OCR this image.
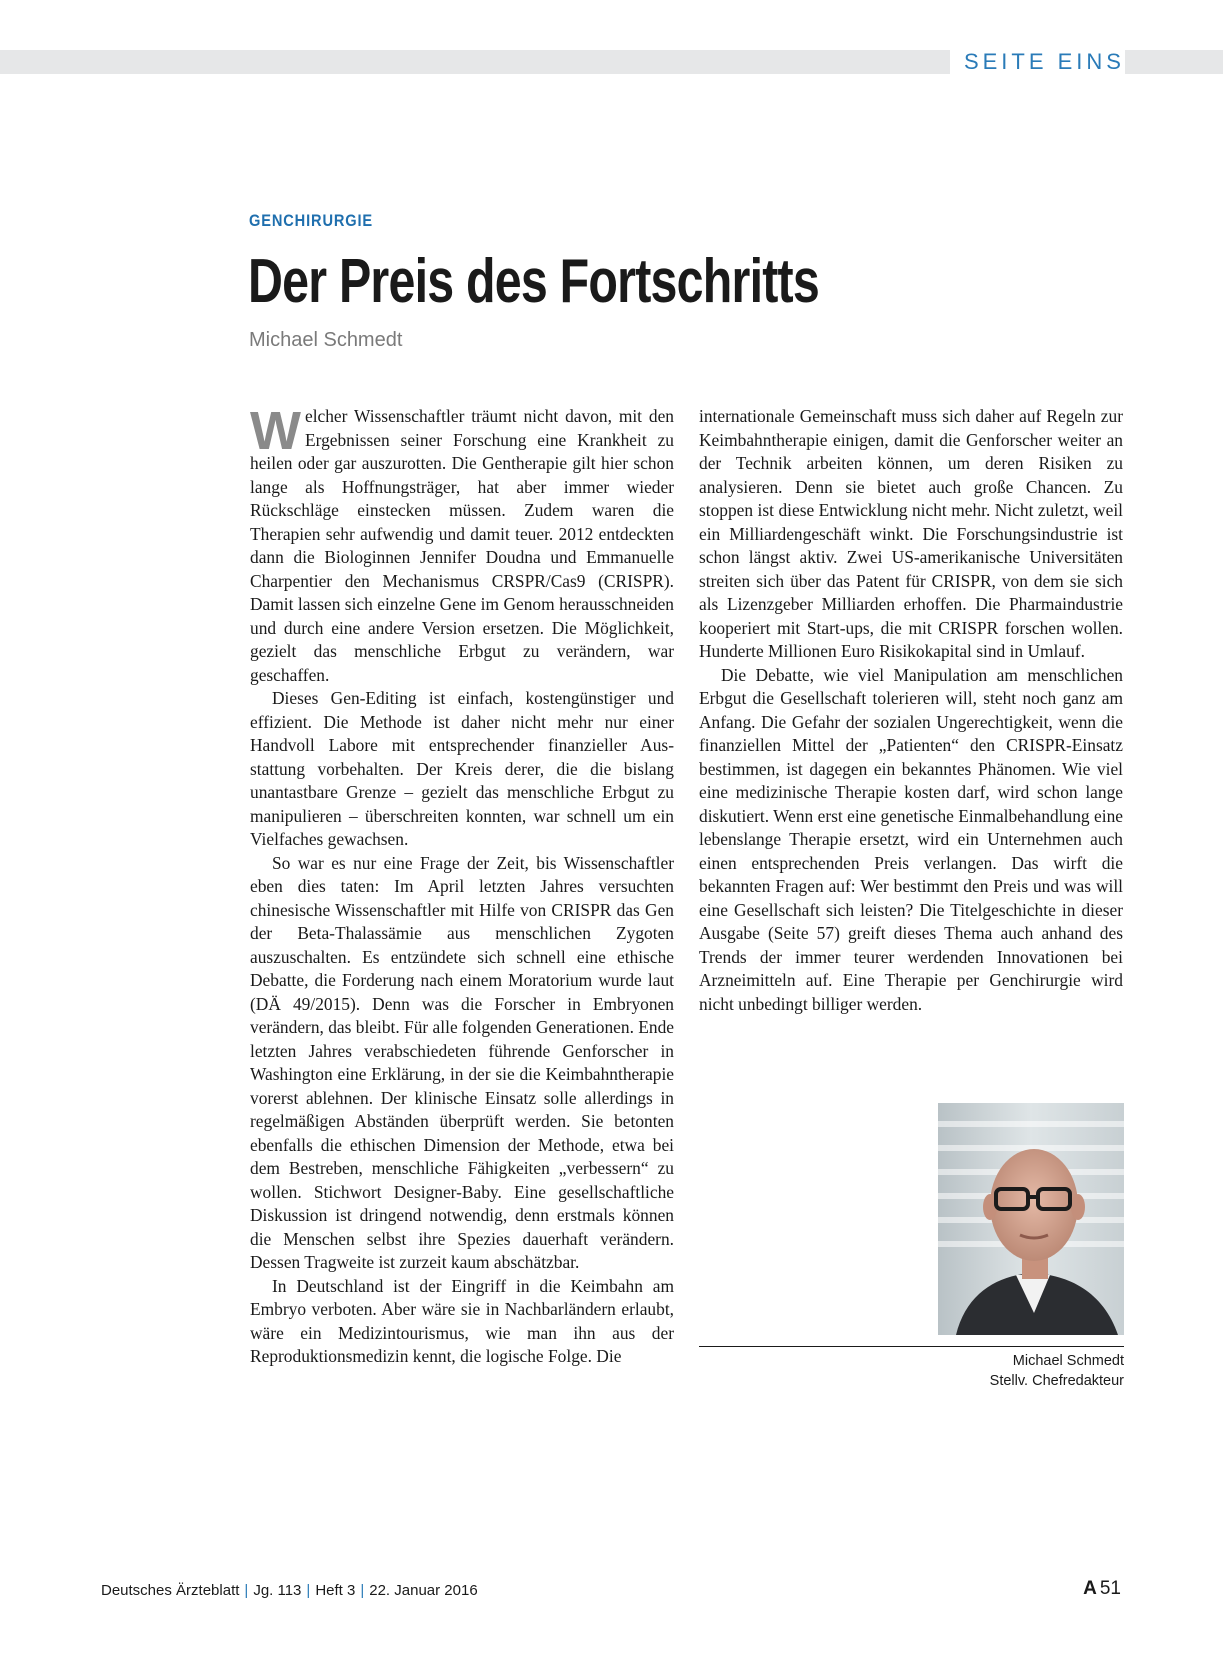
SEITE EINS
GENCHIRURGIE
Der Preis des Fortschritts
Michael Schmedt

Welcher Wissenschaftler träumt nicht davon, mit den Ergebnissen seiner Forschung eine Krankheit zu heilen oder gar auszurotten. Die Gentherapie gilt hier schon lange als Hoffnungsträger, hat aber immer wieder Rückschläge einstecken müssen. Zudem waren die Therapien sehr aufwendig und damit teuer. 2012 entdeckten dann die Biologinnen Jennifer Doudna und Emmanuelle Charpentier den Mechanismus CRSPR/Cas9 (CRISPR). Damit lassen sich einzelne Gene im Genom herausschneiden und durch eine andere Version ersetzen. Die Möglichkeit, gezielt das menschliche Erbgut zu verändern, war geschaffen.

Dieses Gen-Editing ist einfach, kostengünstiger und effizient. Die Methode ist daher nicht mehr nur einer Handvoll Labore mit entsprechender finanzieller Ausstattung vorbehalten. Der Kreis derer, die die bislang unantastbare Grenze – gezielt das menschliche Erbgut zu manipulieren – überschreiten konnten, war schnell um ein Vielfaches gewachsen.

So war es nur eine Frage der Zeit, bis Wissenschaftler eben dies taten: Im April letzten Jahres versuchten chinesische Wissenschaftler mit Hilfe von CRISPR das Gen der Beta-Thalassämie aus menschlichen Zygoten auszuschalten. Es entzündete sich schnell eine ethische Debatte, die Forderung nach einem Moratorium wurde laut (DÄ 49/2015). Denn was die Forscher in Embryonen verändern, das bleibt. Für alle folgenden Generationen. Ende letzten Jahres verabschiedeten führende Genforscher in Washington eine Erklärung, in der sie die Keimbahntherapie vorerst ablehnen. Der klinische Einsatz solle allerdings in regelmäßigen Abständen überprüft werden. Sie betonten ebenfalls die ethischen Dimension der Methode, etwa bei dem Bestreben, menschliche Fähigkeiten „verbessern“ zu wollen. Stichwort Designer-Baby. Eine gesellschaftliche Diskussion ist dringend notwendig, denn erstmals können die Menschen selbst ihre Spezies dauerhaft verändern. Dessen Tragweite ist zurzeit kaum abschätzbar.

In Deutschland ist der Eingriff in die Keimbahn am Embryo verboten. Aber wäre sie in Nachbarländern erlaubt, wäre ein Medizintourismus, wie man ihn aus der Reproduktionsmedizin kennt, die logische Folge. Die

internationale Gemeinschaft muss sich daher auf Regeln zur Keimbahntherapie einigen, damit die Genforscher weiter an der Technik arbeiten können, um deren Risiken zu analysieren. Denn sie bietet auch große Chancen. Zu stoppen ist diese Entwicklung nicht mehr. Nicht zuletzt, weil ein Milliardengeschäft winkt. Die Forschungsindustrie ist schon längst aktiv. Zwei US-amerikanische Universitäten streiten sich über das Patent für CRISPR, von dem sie sich als Lizenzgeber Milliarden erhoffen. Die Pharmaindustrie kooperiert mit Start-ups, die mit CRISPR forschen wollen. Hunderte Millionen Euro Risikokapital sind in Umlauf.

Die Debatte, wie viel Manipulation am menschlichen Erbgut die Gesellschaft tolerieren will, steht noch ganz am Anfang. Die Gefahr der sozialen Ungerechtigkeit, wenn die finanziellen Mittel der „Patienten“ den CRISPR-Einsatz bestimmen, ist dagegen ein bekanntes Phänomen. Wie viel eine medizinische Therapie kosten darf, wird schon lange diskutiert. Wenn erst eine genetische Einmalbehandlung eine lebenslange Therapie ersetzt, wird ein Unternehmen auch einen entsprechenden Preis verlangen. Das wirft die bekannten Fragen auf: Wer bestimmt den Preis und was will eine Gesellschaft sich leisten? Die Titelgeschichte in dieser Ausgabe (Seite 57) greift dieses Thema auch anhand des Trends der immer teurer werdenden Innovationen bei Arzneimitteln auf. Eine Therapie per Genchirurgie wird nicht unbedingt billiger werden.

Michael Schmedt
Stellv. Chefredakteur
Deutsches Ärzteblatt | Jg. 113 | Heft 3 | 22. Januar 2016	A 51
